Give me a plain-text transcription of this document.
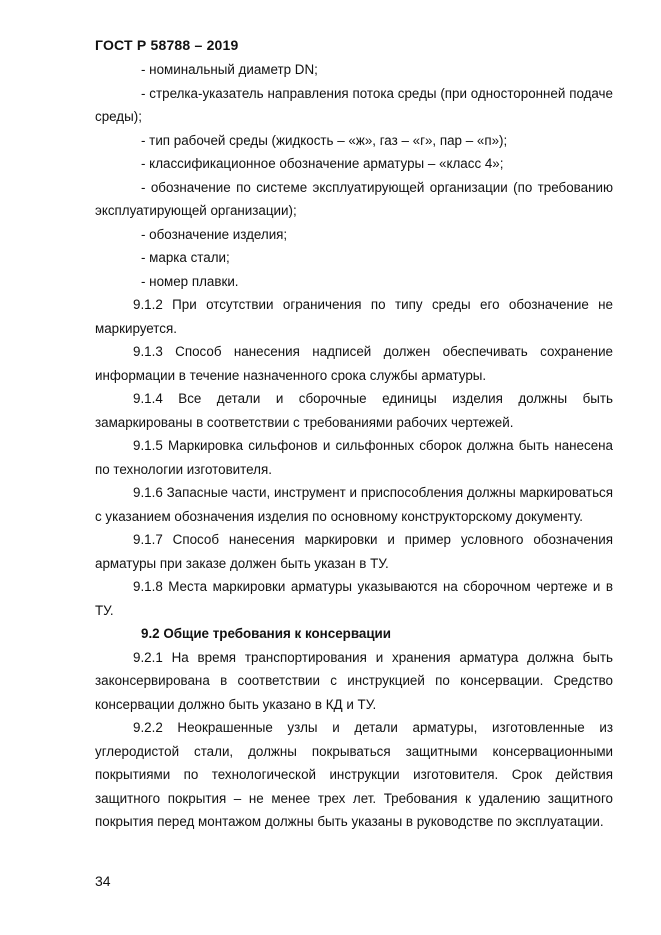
ГОСТ Р 58788 – 2019

- номинальный диаметр DN;

- стрелка-указатель направления потока среды (при односторонней подаче среды);

- тип рабочей среды (жидкость – «ж», газ – «г», пар – «п»);

- классификационное обозначение арматуры – «класс 4»;

- обозначение по системе эксплуатирующей организации (по требованию эксплуатирующей организации);

- обозначение изделия;

- марка стали;

- номер плавки.

9.1.2 При отсутствии ограничения по типу среды его обозначение не маркируется.

9.1.3 Способ нанесения надписей должен обеспечивать сохранение информации в течение назначенного срока службы арматуры.

9.1.4 Все детали и сборочные единицы изделия должны быть замаркированы в соответствии с требованиями рабочих чертежей.

9.1.5 Маркировка сильфонов и сильфонных сборок должна быть нанесена по технологии изготовителя.

9.1.6 Запасные части, инструмент и приспособления должны маркироваться с указанием обозначения изделия по основному конструкторскому документу.

9.1.7 Способ нанесения маркировки и пример условного обозначения арматуры при заказе должен быть указан в ТУ.

9.1.8 Места маркировки арматуры указываются на сборочном чертеже и в ТУ.

9.2 Общие требования к консервации

9.2.1 На время транспортирования и хранения арматура должна быть законсервирована в соответствии с инструкцией по консервации. Средство консервации должно быть указано в КД и ТУ.

9.2.2 Неокрашенные узлы и детали арматуры, изготовленные из углеродистой стали, должны покрываться защитными консервационными покрытиями по технологической инструкции изготовителя. Срок действия защитного покрытия – не менее трех лет. Требования к удалению защитного покрытия перед монтажом должны быть указаны в руководстве по эксплуатации.

34
